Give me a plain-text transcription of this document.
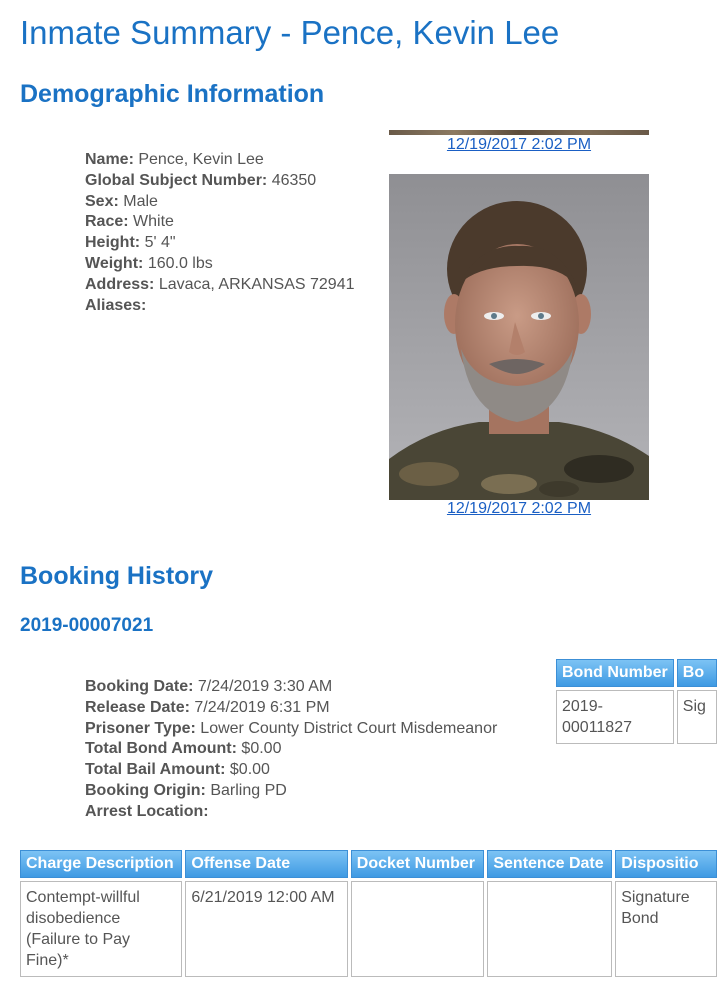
Inmate Summary - Pence, Kevin Lee
Demographic Information
Name: Pence, Kevin Lee
Global Subject Number: 46350
Sex: Male
Race: White
Height: 5' 4"
Weight: 160.0 lbs
Address: Lavaca, ARKANSAS 72941
Aliases:
12/19/2017 2:02 PM
12/19/2017 2:02 PM
Booking History
2019-00007021
Booking Date: 7/24/2019 3:30 AM
Release Date: 7/24/2019 6:31 PM
Prisoner Type: Lower County District Court Misdemeanor
Total Bond Amount: $0.00
Total Bail Amount: $0.00
Booking Origin: Barling PD
Arrest Location:
Bond Number	Bo
2019-00011827	Sig
Charge Description	Offense Date	Docket Number	Sentence Date	Dispositio
Contempt-willful disobedience (Failure to Pay Fine)*	6/21/2019 12:00 AM			Signature Bond
